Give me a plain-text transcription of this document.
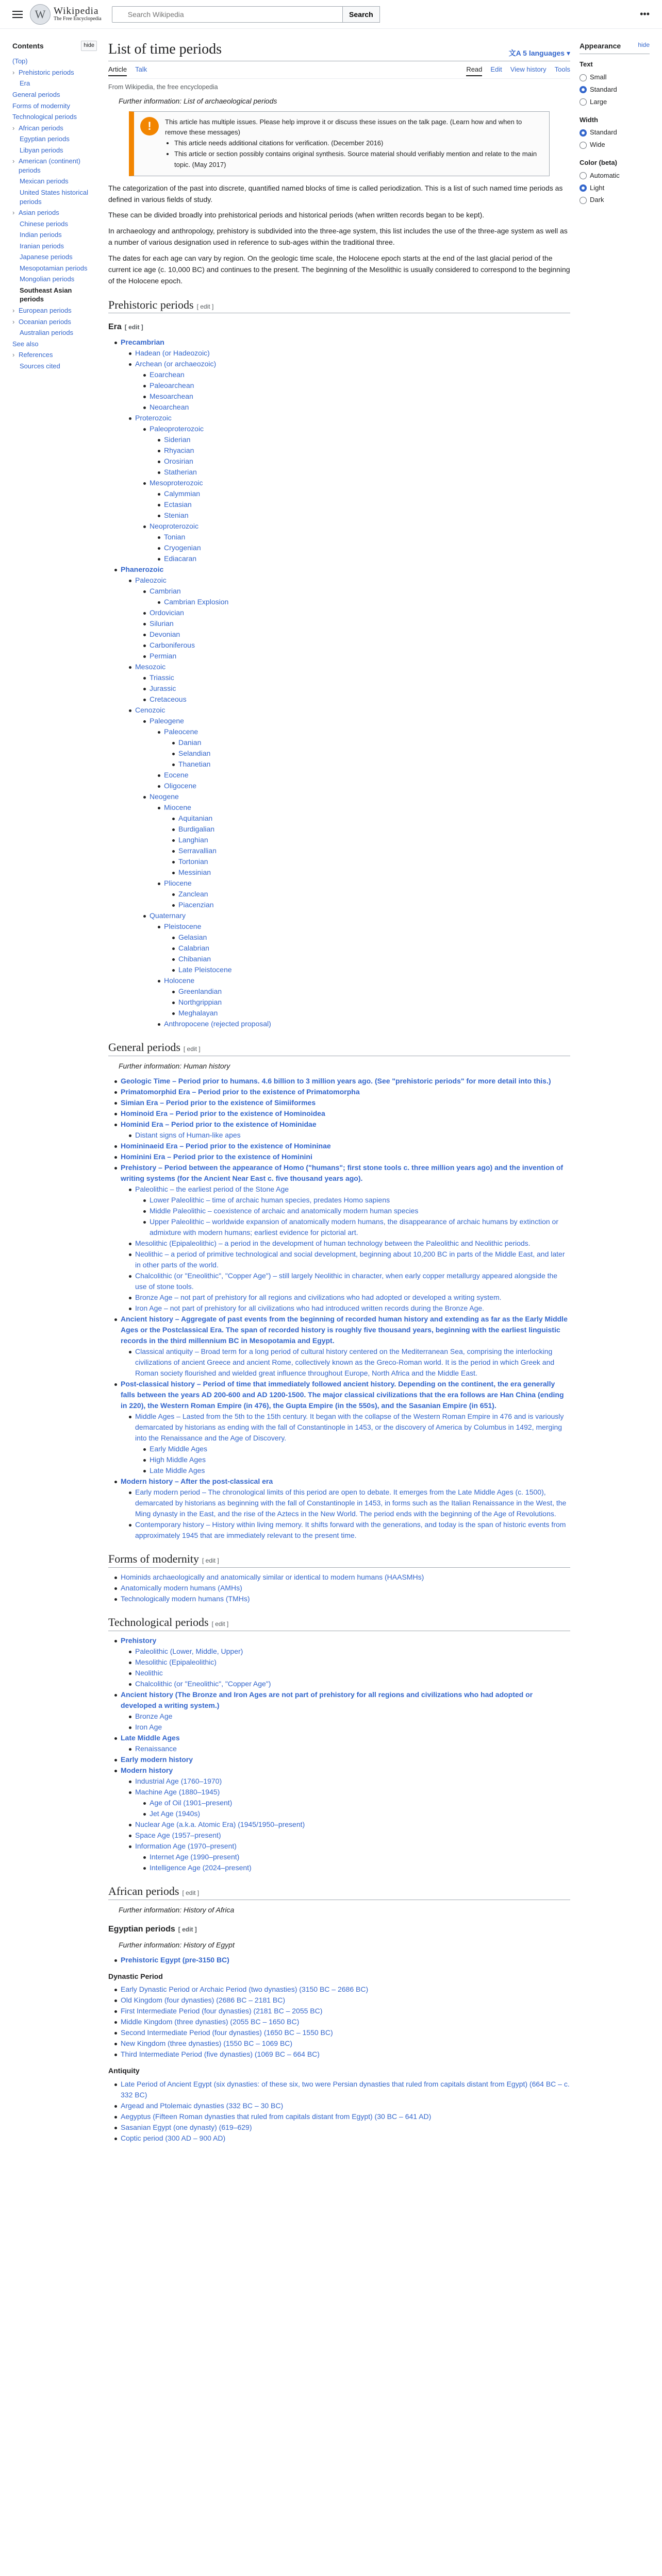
W Wikipedia
The Free Encyclopedia
Search Wikipedia
Search	•••
Contents	hide
(Top)
› Prehistoric periods
Era
General periods
Forms of modernity
Technological periods
› African periods
Egyptian periods
Libyan periods
› American (continent) periods
Mexican periods
United States historical periods
› Asian periods
Chinese periods
Indian periods
Iranian periods
Japanese periods
Mesopotamian periods
Mongolian periods
Southeast Asian periods
› European periods
› Oceanian periods
Australian periods
See also
› References
Sources cited
List of time periods	文A 5 languages ▾
Article Talk	Read Edit View history Tools
From Wikipedia, the free encyclopedia
Further information: List of archaeological periods
!	This article has multiple issues. Please help improve it or discuss these issues on the talk page. (Learn how and when to remove these messages)
• This article needs additional citations for verification. (December 2016)
• This article or section possibly contains original synthesis. Source material should verifiably mention and relate to the main topic. (May 2017)

The categorization of the past into discrete, quantified named blocks of time is called periodization. This is a list of such named time periods as defined in various fields of study.

These can be divided broadly into prehistorical periods and historical periods (when written records began to be kept).

In archaeology and anthropology, prehistory is subdivided into the three-age system, this list includes the use of the three-age system as well as a number of various designation used in reference to sub-ages within the traditional three.

The dates for each age can vary by region. On the geologic time scale, the Holocene epoch starts at the end of the last glacial period of the current ice age (c. 10,000 BC) and continues to the present. The beginning of the Mesolithic is usually considered to correspond to the beginning of the Holocene epoch.

Prehistoric periods [ edit ]
Era [ edit ]
Precambrian
Hadean (or Hadeozoic)
Archean (or archaeozoic)
Eoarchean
Paleoarchean
Mesoarchean
Neoarchean
Proterozoic
Paleoproterozoic
Siderian
Rhyacian
Orosirian
Statherian
Mesoproterozoic
Calymmian
Ectasian
Stenian
Neoproterozoic
Tonian
Cryogenian
Ediacaran
Phanerozoic
Paleozoic
Cambrian
Cambrian Explosion
Ordovician
Silurian
Devonian
Carboniferous
Permian
Mesozoic
Triassic
Jurassic
Cretaceous
Cenozoic
Paleogene
Paleocene
Danian
Selandian
Thanetian
Eocene
Oligocene
Neogene
Miocene
Aquitanian
Burdigalian
Langhian
Serravallian
Tortonian
Messinian
Pliocene
Zanclean
Piacenzian
Quaternary
Pleistocene
Gelasian
Calabrian
Chibanian
Late Pleistocene
Holocene
Greenlandian
Northgrippian
Meghalayan
Anthropocene (rejected proposal)
General periods [ edit ]
Further information: Human history
Geologic Time – Period prior to humans. 4.6 billion to 3 million years ago. (See "prehistoric periods" for more detail into this.)
Primatomorphid Era – Period prior to the existence of Primatomorpha
Simian Era – Period prior to the existence of Simiiformes
Hominoid Era – Period prior to the existence of Hominoidea
Hominid Era – Period prior to the existence of Hominidae
Distant signs of Human-like apes
Homininaeid Era – Period prior to the existence of Homininae
Hominini Era – Period prior to the existence of Hominini
Prehistory – Period between the appearance of Homo ("humans"; first stone tools c. three million years ago) and the invention of writing systems (for the Ancient Near East c. five thousand years ago).
Paleolithic – the earliest period of the Stone Age
Lower Paleolithic – time of archaic human species, predates Homo sapiens
Middle Paleolithic – coexistence of archaic and anatomically modern human species
Upper Paleolithic – worldwide expansion of anatomically modern humans, the disappearance of archaic humans by extinction or admixture with modern humans; earliest evidence for pictorial art.
Mesolithic (Epipaleolithic) – a period in the development of human technology between the Paleolithic and Neolithic periods.
Neolithic – a period of primitive technological and social development, beginning about 10,200 BC in parts of the Middle East, and later in other parts of the world.
Chalcolithic (or "Eneolithic", "Copper Age") – still largely Neolithic in character, when early copper metallurgy appeared alongside the use of stone tools.
Bronze Age – not part of prehistory for all regions and civilizations who had adopted or developed a writing system.
Iron Age – not part of prehistory for all civilizations who had introduced written records during the Bronze Age.
Ancient history – Aggregate of past events from the beginning of recorded human history and extending as far as the Early Middle Ages or the Postclassical Era. The span of recorded history is roughly five thousand years, beginning with the earliest linguistic records in the third millennium BC in Mesopotamia and Egypt.
Classical antiquity – Broad term for a long period of cultural history centered on the Mediterranean Sea, comprising the interlocking civilizations of ancient Greece and ancient Rome, collectively known as the Greco-Roman world. It is the period in which Greek and Roman society flourished and wielded great influence throughout Europe, North Africa and the Middle East.
Post-classical history – Period of time that immediately followed ancient history. Depending on the continent, the era generally falls between the years AD 200-600 and AD 1200-1500. The major classical civilizations that the era follows are Han China (ending in 220), the Western Roman Empire (in 476), the Gupta Empire (in the 550s), and the Sasanian Empire (in 651).
Middle Ages – Lasted from the 5th to the 15th century. It began with the collapse of the Western Roman Empire in 476 and is variously demarcated by historians as ending with the fall of Constantinople in 1453, or the discovery of America by Columbus in 1492, merging into the Renaissance and the Age of Discovery.
Early Middle Ages
High Middle Ages
Late Middle Ages
Modern history – After the post-classical era
Early modern period – The chronological limits of this period are open to debate. It emerges from the Late Middle Ages (c. 1500), demarcated by historians as beginning with the fall of Constantinople in 1453, in forms such as the Italian Renaissance in the West, the Ming dynasty in the East, and the rise of the Aztecs in the New World. The period ends with the beginning of the Age of Revolutions.
Contemporary history – History within living memory. It shifts forward with the generations, and today is the span of historic events from approximately 1945 that are immediately relevant to the present time.
Forms of modernity [ edit ]
Hominids archaeologically and anatomically similar or identical to modern humans (HAASMHs)
Anatomically modern humans (AMHs)
Technologically modern humans (TMHs)
Technological periods [ edit ]
Prehistory
Paleolithic (Lower, Middle, Upper)
Mesolithic (Epipaleolithic)
Neolithic
Chalcolithic (or "Eneolithic", "Copper Age")
Ancient history (The Bronze and Iron Ages are not part of prehistory for all regions and civilizations who had adopted or developed a writing system.)
Bronze Age
Iron Age
Late Middle Ages
Renaissance
Early modern history
Modern history
Industrial Age (1760–1970)
Machine Age (1880–1945)
Age of Oil (1901–present)
Jet Age (1940s)
Nuclear Age (a.k.a. Atomic Era) (1945/1950–present)
Space Age (1957–present)
Information Age (1970–present)
Internet Age (1990–present)
Intelligence Age (2024–present)
African periods [ edit ]
Further information: History of Africa
Egyptian periods [ edit ]
Further information: History of Egypt
Prehistoric Egypt (pre-3150 BC)
Dynastic Period
Early Dynastic Period or Archaic Period (two dynasties) (3150 BC – 2686 BC)
Old Kingdom (four dynasties) (2686 BC – 2181 BC)
First Intermediate Period (four dynasties) (2181 BC – 2055 BC)
Middle Kingdom (three dynasties) (2055 BC – 1650 BC)
Second Intermediate Period (four dynasties) (1650 BC – 1550 BC)
New Kingdom (three dynasties) (1550 BC – 1069 BC)
Third Intermediate Period (five dynasties) (1069 BC – 664 BC)
Antiquity
Late Period of Ancient Egypt (six dynasties: of these six, two were Persian dynasties that ruled from capitals distant from Egypt) (664 BC – c. 332 BC)
Argead and Ptolemaic dynasties (332 BC – 30 BC)
Aegyptus (Fifteen Roman dynasties that ruled from capitals distant from Egypt) (30 BC – 641 AD)
Sasanian Egypt (one dynasty) (619–629)
Coptic period (300 AD – 900 AD)
Appearance	hide
Text
Small
Standard
Large
Width
Standard
Wide
Color (beta)
Automatic
Light
Dark
